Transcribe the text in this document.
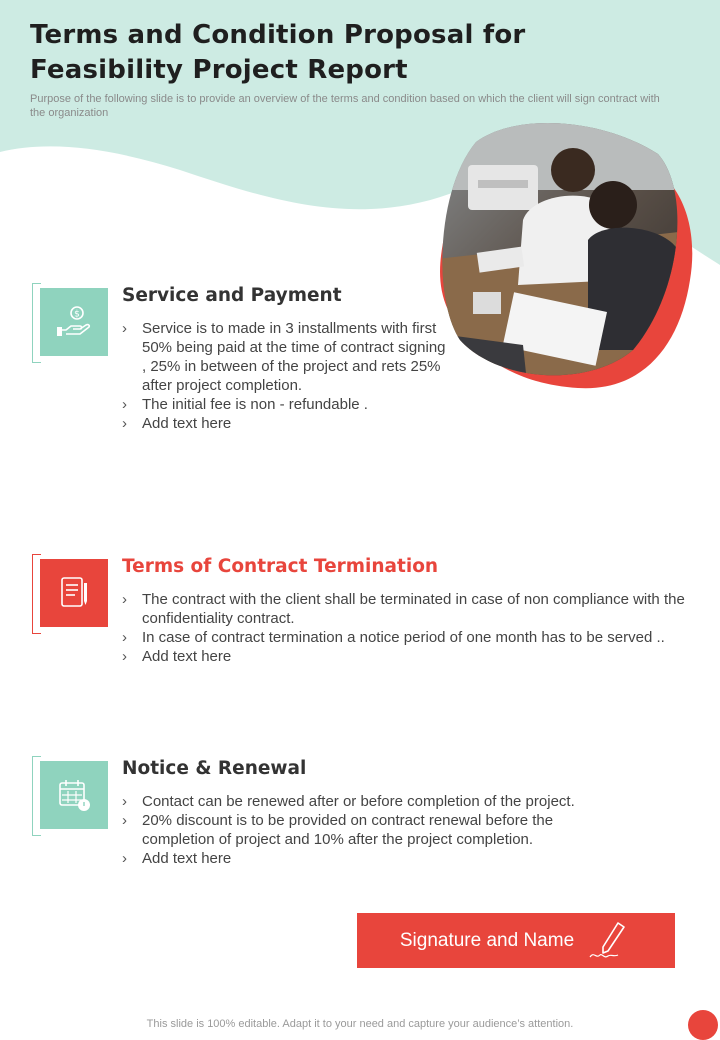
Terms and Condition Proposal for Feasibility Project Report
Purpose of the following slide is to provide an overview of the terms and condition based on which the client will sign contract with the organization
$
Service and Payment
› Service is to made in 3 installments with first 50% being paid at the time of contract signing , 25% in between of the project and rets 25% after project completion.
› The initial fee is non - refundable .
› Add text here
Terms of Contract Termination
› The contract with the client shall be terminated in case of non compliance with the confidentiality contract.
› In case of contract termination a notice period of one month has to be served ..
› Add text here
Notice & Renewal
› Contact can be renewed after or before completion of the project.
› 20% discount is to be provided on contract renewal before the completion of project and 10% after the project completion.
› Add text here
Signature and Name
This slide is 100% editable. Adapt it to your need and capture your audience’s attention.
